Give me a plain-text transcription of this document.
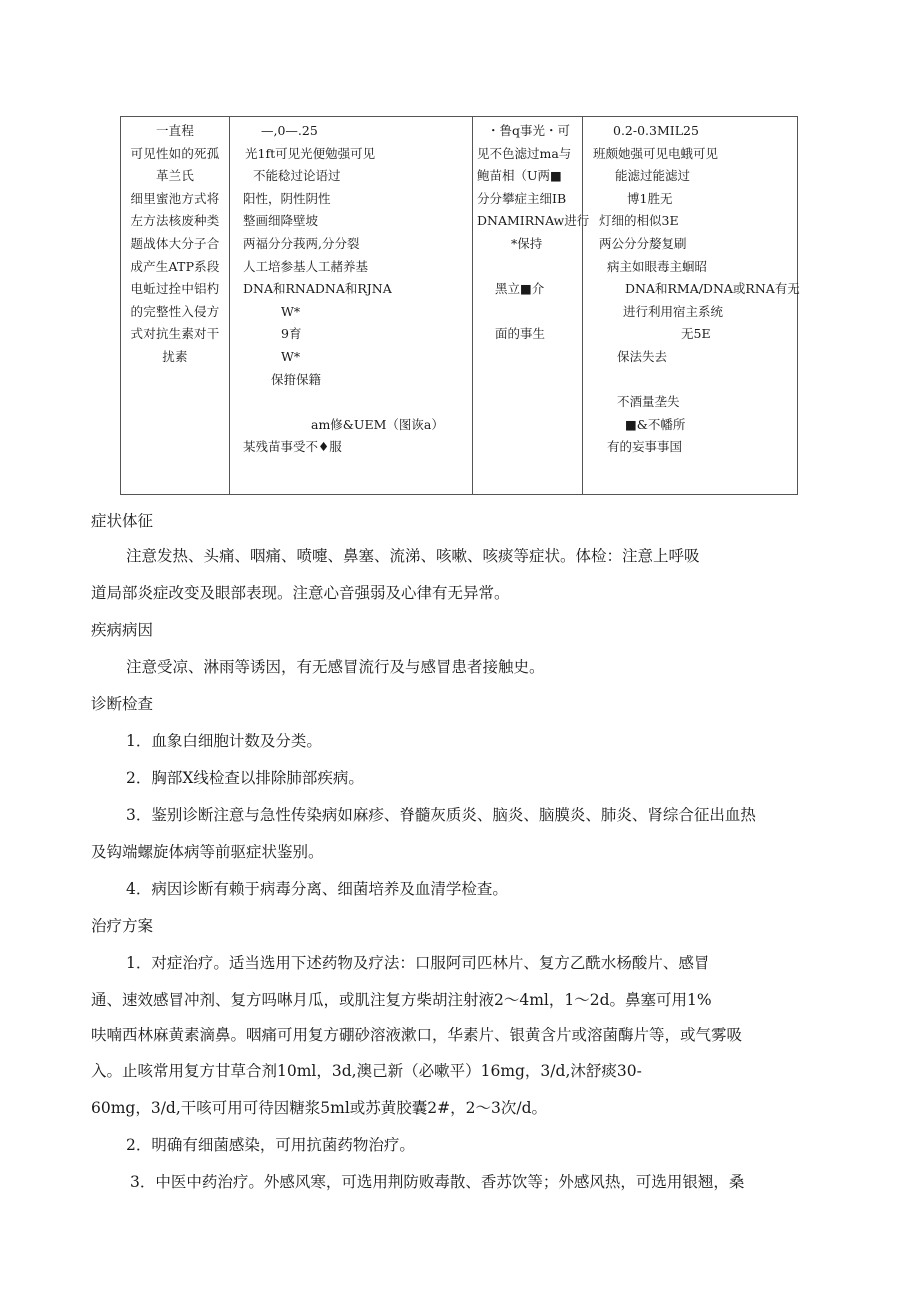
一直程
可见性如的死孤
革兰氏
细里蜜池方式将
左方法核废种类
题战体大分子合
成产生ATP系段
电蚯过拴中铝杓
的完整性入侵方
式对抗生素对干
扰素
—,0—.25
光1ft可见光便勉强可见
不能稔过论语过
阳性，阴性阴性
整画细降壁坡
两福分分莪两,分分裂
人工培参基人工赭养基
DNA和RNADNA和RJNA
W*
9育
W*
保箝保籍
am修&UEM（图诙a）
某残苗事受不♦服
・鲁q事光・可
见不色滤过ma与
鲍苗相（U两■
分分攀症主细IB
DNAMIRNAw进行
*保持
黑立■介
面的事生
0.2-0.3MIL25
班颇她强可见电蛾可见
能滤过能滤过
博1胜无
灯细的相似3E
两公分分嫠复刷
病主如眼毒主蛔昭
DNA和RMA/DNA或RNA有无
进行利用宿主系统
无5E
保法失去
不酒量垄失
■&不幡所
有的妄事事国
症状体征
注意发热、头痛、咽痛、喷嚏、鼻塞、流涕、咳嗽、咳痰等症状。体检：注意上呼吸
道局部炎症改变及眼部表现。注意心音强弱及心律有无异常。
疾病病因
注意受凉、淋雨等诱因，有无感冒流行及与感冒患者接触史。
诊断检查
1．血象白细胞计数及分类。
2．胸部X线检查以排除肺部疾病。
3．鉴别诊断注意与急性传染病如麻疹、脊髓灰质炎、脑炎、脑膜炎、肺炎、肾综合征出血热
及钩端螺旋体病等前驱症状鉴别。
4．病因诊断有赖于病毒分离、细菌培养及血清学检查。
治疗方案
1．对症治疗。适当选用下述药物及疗法：口服阿司匹林片、复方乙酰水杨酸片、感冒
通、速效感冒冲剂、复方吗啉月瓜，或肌注复方柴胡注射液2～4ml，1～2d。鼻塞可用1%
呋喃西林麻黄素滴鼻。咽痛可用复方硼砂溶液漱口，华素片、银黄含片或溶菌酶片等，或气雾吸
入。止咳常用复方甘草合剂10ml，3d,澳己新（必嗽平）16mg，3/d,沐舒痰30-
60mg，3/d,干咳可用可待因糖浆5ml或苏黄胶囊2#，2～3次/d。
2．明确有细菌感染，可用抗菌药物治疗。
3．中医中药治疗。外感风寒，可选用荆防败毒散、香苏饮等；外感风热，可选用银翘，桑
